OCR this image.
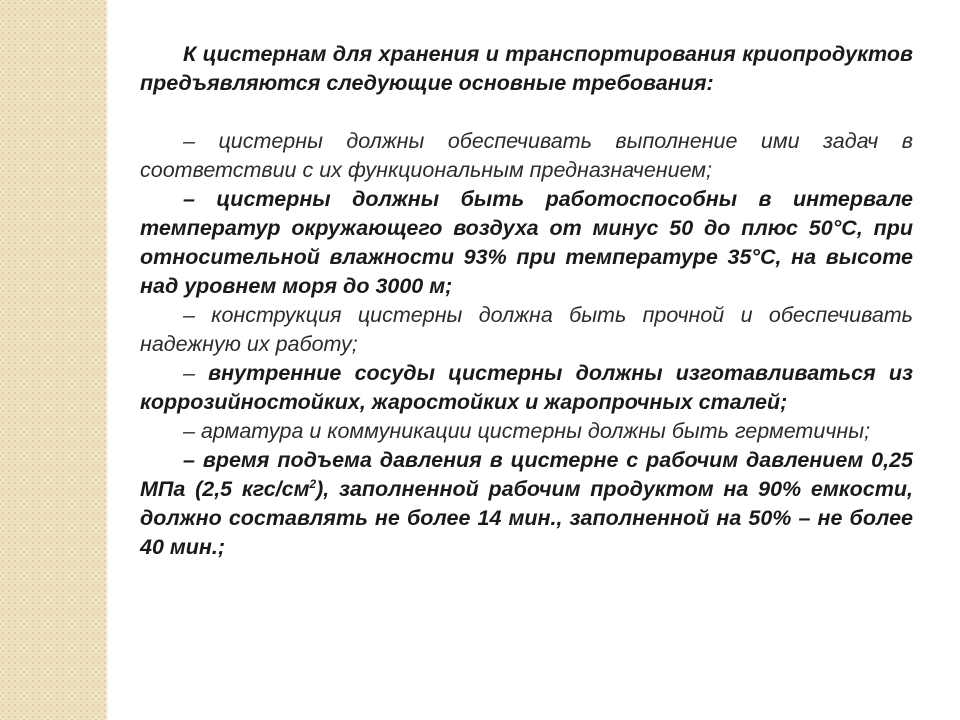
К цистернам для хранения и транспортирования криопродуктов предъявляются следующие основные требования:

– цистерны должны обеспечивать выполнение ими задач в соответствии с их функциональным предназначением;

– цистерны должны быть работоспособны в интервале температур окружающего воздуха от минус 50 до плюс 50°С, при относительной влажности 93% при температуре 35°С, на высоте над уровнем моря до 3000 м;

– конструкция цистерны должна быть прочной и обеспечивать надежную их работу;

– внутренние сосуды цистерны должны изготавливаться из коррозийностойких, жаростойких и жаропрочных сталей;

– арматура и коммуникации цистерны должны быть герметичны;

– время подъема давления в цистерне с рабочим давлением 0,25 МПа (2,5 кгс/$см^2$), заполненной рабочим продуктом на 90% емкости, должно составлять не более 14 мин., заполненной на 50% – не более 40 мин.;
